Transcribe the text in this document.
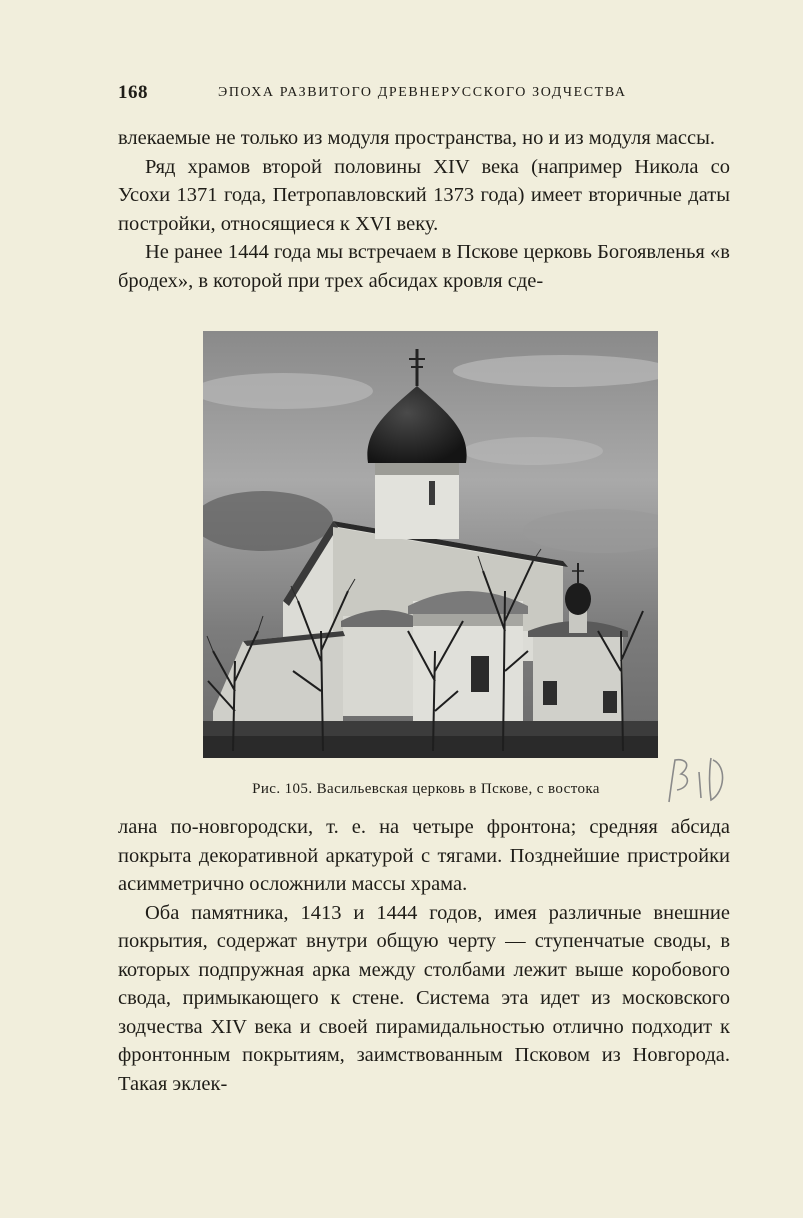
168	ЭПОХА РАЗВИТОГО ДРЕВНЕРУССКОГО ЗОДЧЕСТВА

влекаемые не только из модуля пространства, но и из модуля массы.

Ряд храмов второй половины XIV века (например Никола со Усохи 1371 года, Петропавловский 1373 года) имеет вторичные даты постройки, относящиеся к XVI веку.

Не ранее 1444 года мы встречаем в Пскове церковь Богоявленья «в бродех», в которой при трех абсидах кровля сде-

Рис. 105. Васильевская церковь в Пскове, с востока

лана по-новгородски, т. е. на четыре фронтона; средняя абсида покрыта декоративной аркатурой с тягами. Позднейшие пристройки асимметрично осложнили массы храма.

Оба памятника, 1413 и 1444 годов, имея различные внешние покрытия, содержат внутри общую черту — ступенчатые своды, в которых подпружная арка между столбами лежит выше коробового свода, примыкающего к стене. Система эта идет из московского зодчества XIV века и своей пирамидальностью отлично подходит к фронтонным покрытиям, заимствованным Псковом из Новгорода. Такая эклек-
